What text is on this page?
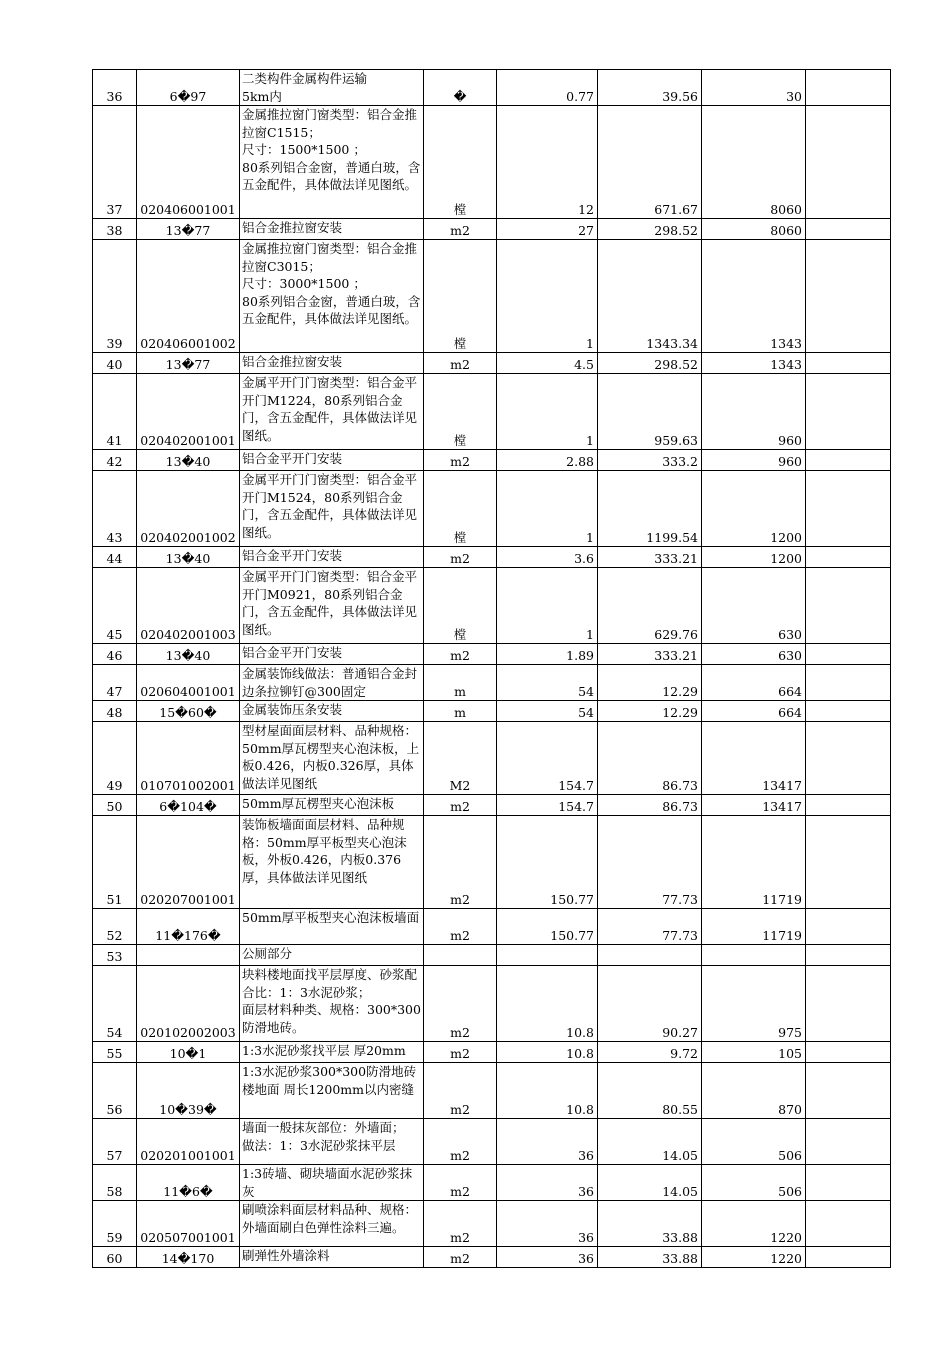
36	6�97	二类构件金属构件运输
5km内	�	0.77	39.56	30	
37	020406001001	金属推拉窗门窗类型：铝合金推拉窗C1515；
尺寸：1500*1500 ；
80系列铝合金窗，普通白玻，含五金配件，具体做法详见图纸。	樘	12	671.67	8060	
38	13�77	铝合金推拉窗安装	m2	27	298.52	8060	
39	020406001002	金属推拉窗门窗类型：铝合金推拉窗C3015；
尺寸：3000*1500 ；
80系列铝合金窗，普通白玻，含五金配件，具体做法详见图纸。	樘	1	1343.34	1343	
40	13�77	铝合金推拉窗安装	m2	4.5	298.52	1343	
41	020402001001	金属平开门门窗类型：铝合金平开门M1224，80系列铝合金门，含五金配件，具体做法详见图纸。	樘	1	959.63	960	
42	13�40	铝合金平开门安装	m2	2.88	333.2	960	
43	020402001002	金属平开门门窗类型：铝合金平开门M1524，80系列铝合金门，含五金配件，具体做法详见图纸。	樘	1	1199.54	1200	
44	13�40	铝合金平开门安装	m2	3.6	333.21	1200	
45	020402001003	金属平开门门窗类型：铝合金平开门M0921，80系列铝合金门，含五金配件，具体做法详见图纸。	樘	1	629.76	630	
46	13�40	铝合金平开门安装	m2	1.89	333.21	630	
47	020604001001	金属装饰线做法：普通铝合金封边条拉铆钉@300固定	m	54	12.29	664	
48	15�60�	金属装饰压条安装	m	54	12.29	664	
49	010701002001	型材屋面面层材料、品种规格：50mm厚瓦楞型夹心泡沫板，上板0.426，内板0.326厚，具体做法详见图纸	M2	154.7	86.73	13417	
50	6�104�	50mm厚瓦楞型夹心泡沫板	m2	154.7	86.73	13417	
51	020207001001	装饰板墙面面层材料、品种规格：50mm厚平板型夹心泡沫板，外板0.426，内板0.376厚，具体做法详见图纸	m2	150.77	77.73	11719	
52	11�176�	50mm厚平板型夹心泡沫板墙面	m2	150.77	77.73	11719	
53		公厕部分					
54	020102002003	块料楼地面找平层厚度、砂浆配合比：1：3水泥砂浆；
面层材料种类、规格：300*300防滑地砖。	m2	10.8	90.27	975	
55	10�1	1:3水泥砂浆找平层 厚20mm	m2	10.8	9.72	105	
56	10�39�	1:3水泥砂浆300*300防滑地砖楼地面 周长1200mm以内密缝	m2	10.8	80.55	870	
57	020201001001	墙面一般抹灰部位：外墙面；
做法：1：3水泥砂浆抹平层	m2	36	14.05	506	
58	11�6�	1:3砖墙、砌块墙面水泥砂浆抹灰	m2	36	14.05	506	
59	020507001001	刷喷涂料面层材料品种、规格：外墙面刷白色弹性涂料三遍。	m2	36	33.88	1220	
60	14�170	刷弹性外墙涂料	m2	36	33.88	1220	
